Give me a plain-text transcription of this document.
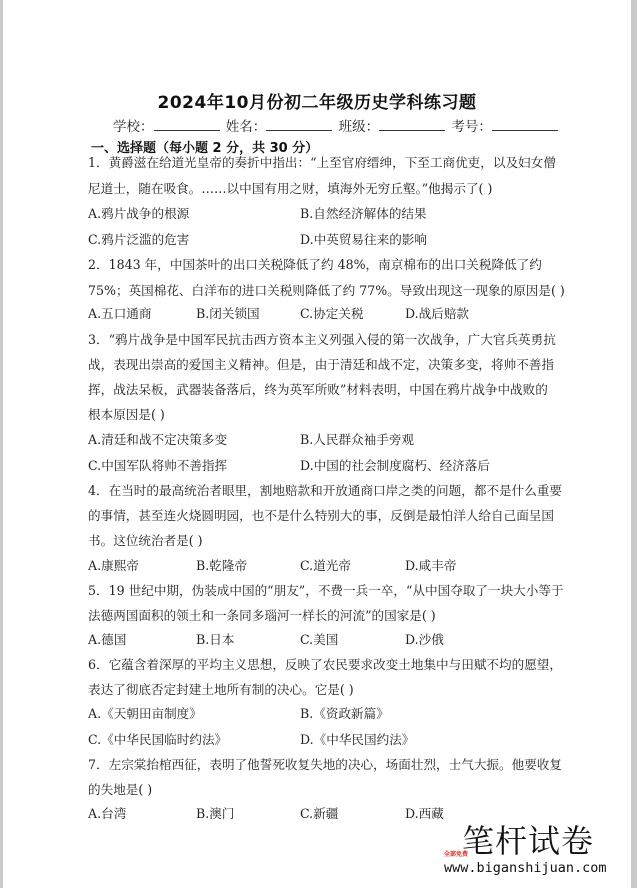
2024年10月份初二年级历史学科练习题
学校：	姓名：	班级：	考号：
一、选择题（每小题 2 分，共 30 分）
1．黄爵滋在给道光皇帝的奏折中指出：“上至官府缙绅，下至工商优吏，以及妇女僧
尼道士，随在吸食。……以中国有用之财，填海外无穷丘壑。”他揭示了( )
A.鸦片战争的根源	B.自然经济解体的结果
C.鸦片泛滥的危害	D.中英贸易往来的影响
2．1843 年，中国茶叶的出口关税降低了约 48%，南京棉布的出口关税降低了约
75%；英国棉花、白洋布的进口关税则降低了约 77%。导致出现这一现象的原因是( )
A.五口通商	B.闭关锁国	C.协定关税	D.战后赔款
3．“鸦片战争是中国军民抗击西方资本主义列强入侵的第一次战争，广大官兵英勇抗
战，表现出崇高的爱国主义精神。但是，由于清廷和战不定，决策多变，将帅不善指
挥，战法呆板，武器装备落后，终为英军所败”材料表明，中国在鸦片战争中战败的
根本原因是( )
A.清廷和战不定决策多变	B.人民群众袖手旁观
C.中国军队将帅不善指挥	D.中国的社会制度腐朽、经济落后
4．在当时的最高统治者眼里，割地赔款和开放通商口岸之类的问题，都不是什么重要
的事情，甚至连火烧圆明园，也不是什么特别大的事，反倒是最怕洋人给自己面呈国
书。这位统治者是( )
A.康熙帝	B.乾隆帝	C.道光帝	D.咸丰帝
5．19 世纪中期，伪装成中国的“朋友”，不费一兵一卒，“从中国夺取了一块大小等于
法德两国面积的领土和一条同多瑙河一样长的河流”的国家是( )
A.德国	B.日本	C.美国	D.沙俄
6．它蕴含着深厚的平均主义思想，反映了农民要求改变土地集中与田赋不均的愿望，
表达了彻底否定封建土地所有制的决心。它是( )
A.《天朝田亩制度》	B.《资政新篇》
C.《中华民国临时约法》	D.《中华民国约法》
7．左宗棠抬棺西征，表明了他誓死收复失地的决心，场面壮烈，士气大振。他要收复
的失地是( )
A.台湾	B.澳门	C.新疆	D.西藏
全部免费
笔杆试卷
www.biganshijuan.com
